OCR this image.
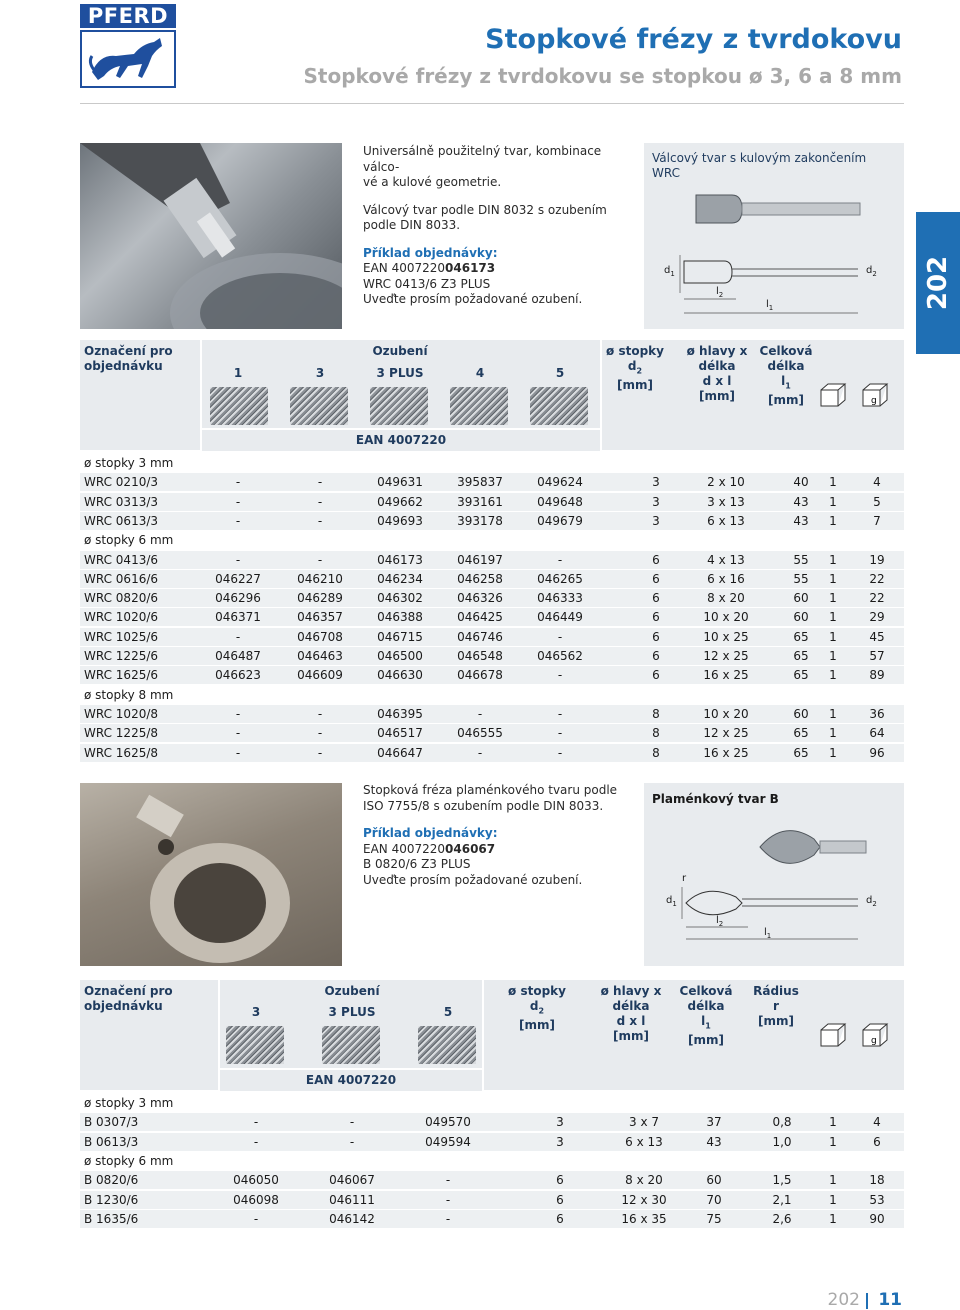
PFERD
Stopkové frézy z tvrdokovu
Stopkové frézy z tvrdokovu se stopkou ø 3, 6 a 8 mm
202

Universálně použitelný tvar, kombinace válco-
vé a kulové geometrie.

Válcový tvar podle DIN 8032 s ozubením
podle DIN 8033.

Příklad objednávky:
EAN 4007220046173
WRC 0413/6 Z3 PLUS
Uveďte prosím požadované ozubení.

Válcový tvar s kulovým zakončením
WRC
$d_1$	$d_2$
$l_2$
$l_1$
Označení pro
objednávku
Ozubení
1	3	3 PLUS	4	5
ø stopky
$d_2$
[mm]
ø hlavy x
délka
d x l
[mm]
Celková
délka
$l_1$
[mm]	g
EAN 4007220
ø stopky 3 mm
WRC 0210/3	-	-	049631	395837	049624	3	2 x 10	40	1	4
WRC 0313/3	-	-	049662	393161	049648	3	3 x 13	43	1	5
WRC 0613/3	-	-	049693	393178	049679	3	6 x 13	43	1	7
ø stopky 6 mm
WRC 0413/6	-	-	046173	046197	-	6	4 x 13	55	1	19
WRC 0616/6	046227	046210	046234	046258	046265	6	6 x 16	55	1	22
WRC 0820/6	046296	046289	046302	046326	046333	6	8 x 20	60	1	22
WRC 1020/6	046371	046357	046388	046425	046449	6	10 x 20	60	1	29
WRC 1025/6	-	046708	046715	046746	-	6	10 x 25	65	1	45
WRC 1225/6	046487	046463	046500	046548	046562	6	12 x 25	65	1	57
WRC 1625/6	046623	046609	046630	046678	-	6	16 x 25	65	1	89
ø stopky 8 mm
WRC 1020/8	-	-	046395	-	-	8	10 x 20	60	1	36
WRC 1225/8	-	-	046517	046555	-	8	12 x 25	65	1	64
WRC 1625/8	-	-	046647	-	-	8	16 x 25	65	1	96

Stopková fréza plaménkového tvaru podle
ISO 7755/8 s ozubením podle DIN 8033.

Příklad objednávky:
EAN 4007220046067
B 0820/6 Z3 PLUS
Uveďte prosím požadované ozubení.

Plaménkový tvar B
r
$d_1$	$d_2$
$l_2$
$l_1$
Označení pro
objednávku
Ozubení
3	3 PLUS	5
ø stopky
$d_2$
[mm]
ø hlavy x
délka
d x l
[mm]
Celková
délka
$l_1$
[mm]
Rádius
r
[mm]
g
EAN 4007220
ø stopky 3 mm
B 0307/3	-	-	049570	3	3 x 7	37	0,8	1	4
B 0613/3	-	-	049594	3	6 x 13	43	1,0	1	6
ø stopky 6 mm
B 0820/6	046050	046067	-	6	8 x 20	60	1,5	1	18
B 1230/6	046098	046111	-	6	12 x 30	70	2,1	1	53
B 1635/6	-	046142	-	6	16 x 35	75	2,6	1	90
202 11
